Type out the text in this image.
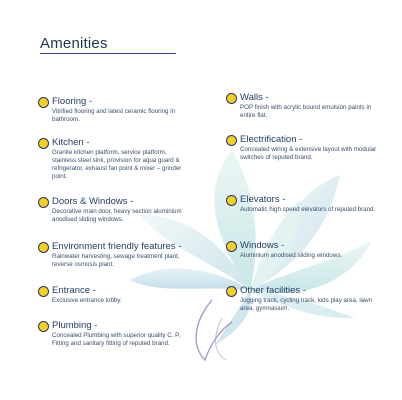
Amenities
Flooring -
Vitrified flooring and latest ceramic flooring in bathroom.
Kitchen -
Granite kitchen platform, service platform, stainless steel sink, provision for aqua guard & refrigerator, exhaust fan point & mixer – grinder point.
Doors & Windows -
Decorative main door, heavy section aluminium anodised sliding windows.
Environment friendly features -
Rainwater harvesting, sewage treatment plant, reverse osmosis plant.
Entrance -
Exclusive entrance lobby.
Plumbing -
Concealed Plumbing with superior quality C. P. Fitting and sanitary fitting of reputed brand.
Walls -
POP finish with acrylic bound emulsion paints in entire flat.
Electrification -
Concealed wiring & extensive layout with modular switches of reputed brand.
Elevators -
Automatic high speed elevators of reputed brand.
Windows -
Aluminium anodised sliding windows.
Other facilities -
Jogging track, cycling track, kids play area, lawn area, gymnasium.
